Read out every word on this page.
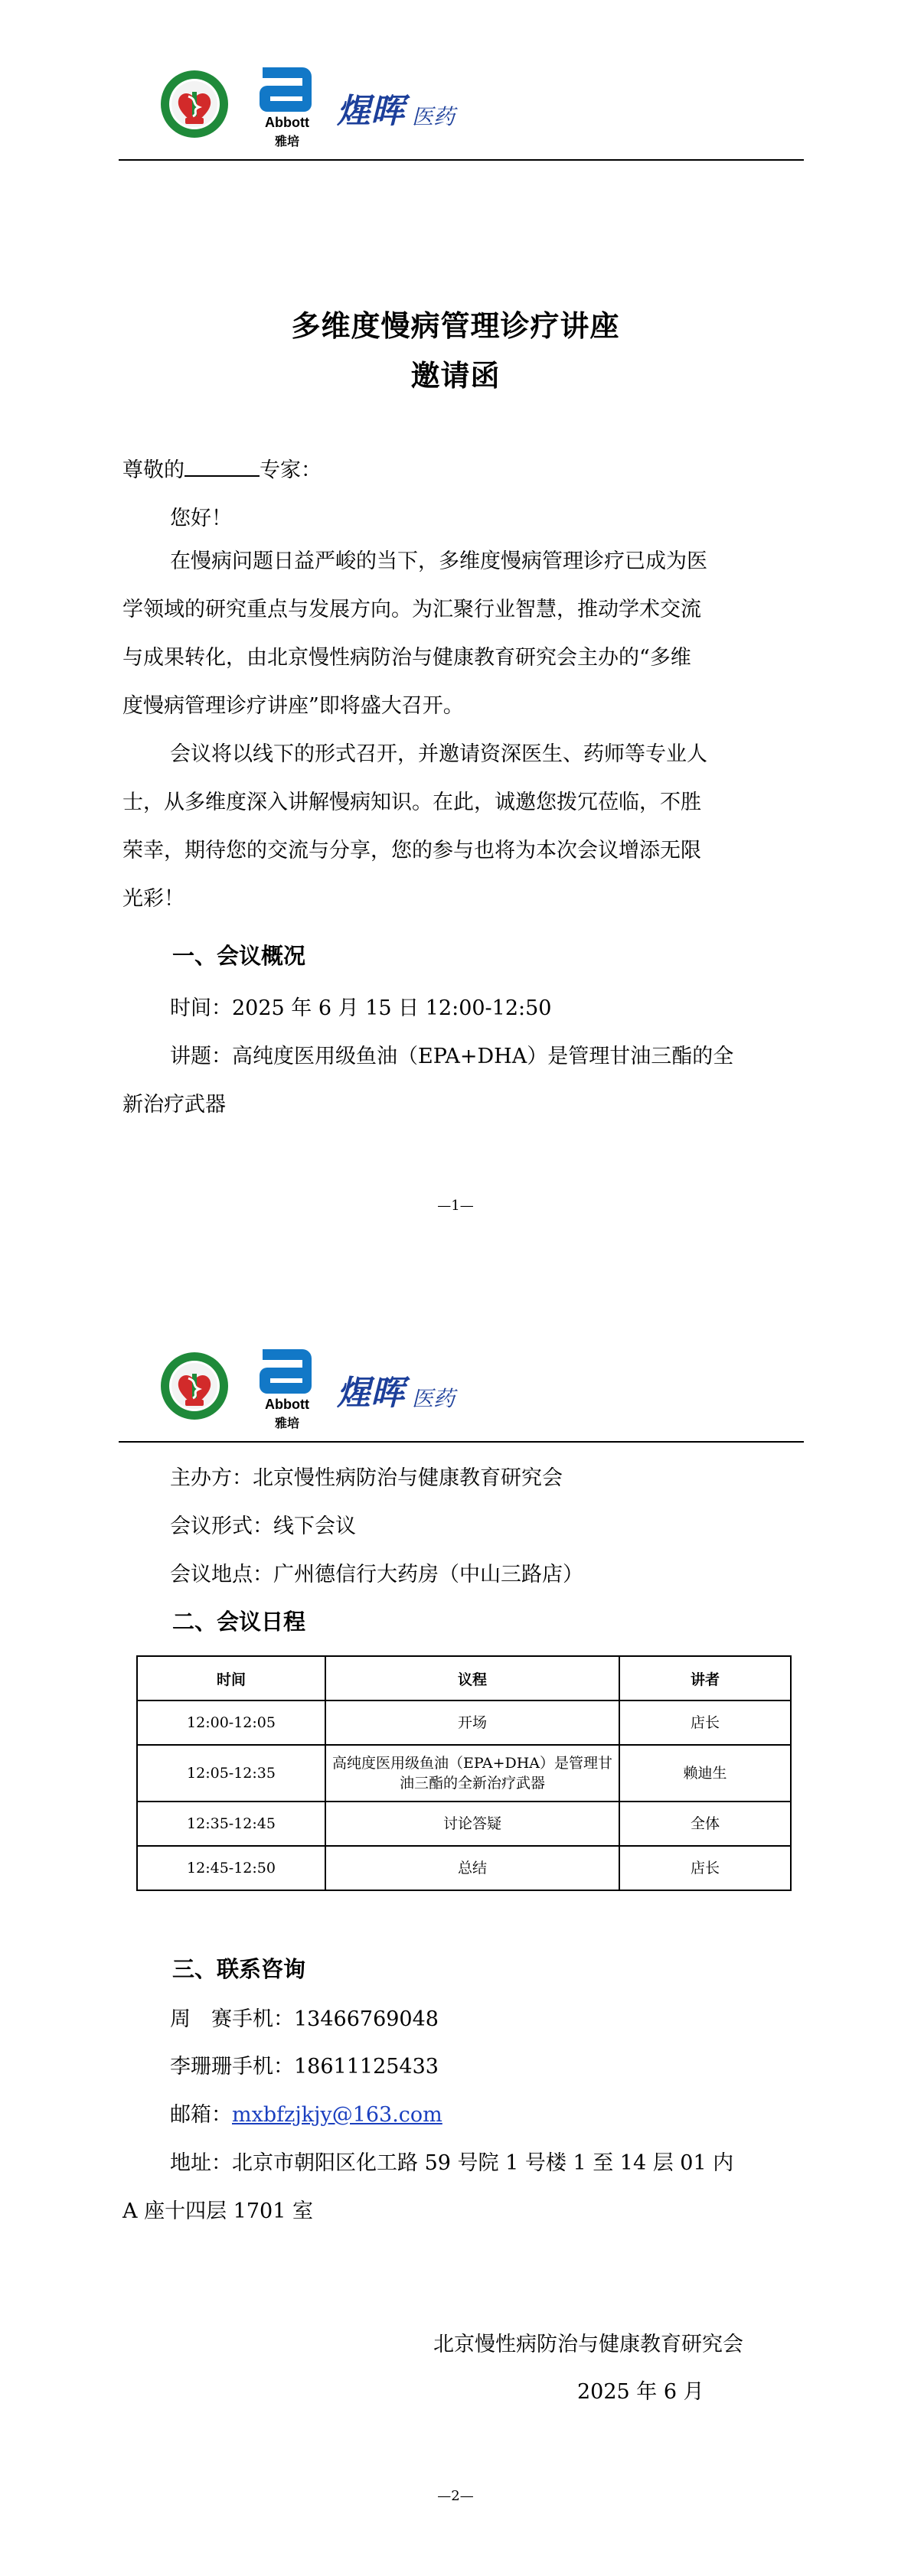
Abbott
雅培
煋晖 医药
多维度慢病管理诊疗讲座
邀请函
尊敬的	专家：
您好！
在慢病问题日益严峻的当下，多维度慢病管理诊疗已成为医
学领域的研究重点与发展方向。为汇聚行业智慧，推动学术交流
与成果转化，由北京慢性病防治与健康教育研究会主办的“多维
度慢病管理诊疗讲座”即将盛大召开。
会议将以线下的形式召开，并邀请资深医生、药师等专业人
士，从多维度深入讲解慢病知识。在此，诚邀您拨冗莅临，不胜
荣幸，期待您的交流与分享，您的参与也将为本次会议增添无限
光彩！
一、会议概况
时间：2025 年 6 月 15 日 12:00-12:50
讲题：高纯度医用级鱼油（EPA+DHA）是管理甘油三酯的全
新治疗武器
—1—
Abbott
雅培
煋晖 医药
主办方：北京慢性病防治与健康教育研究会
会议形式：线下会议
会议地点：广州德信行大药房（中山三路店）
二、会议日程
时间	议程	讲者
12:00-12:05	开场	店长
12:05-12:35	高纯度医用级鱼油（EPA+DHA）是管理甘油三酯的全新治疗武器	赖迪生
12:35-12:45	讨论答疑	全体
12:45-12:50	总结	店长
三、联系咨询
周　赛手机：13466769048
李珊珊手机：18611125433
邮箱：mxbfzjkjy@163.com
地址：北京市朝阳区化工路 59 号院 1 号楼 1 至 14 层 01 内
A 座十四层 1701 室
北京慢性病防治与健康教育研究会
2025 年 6 月
—2—
